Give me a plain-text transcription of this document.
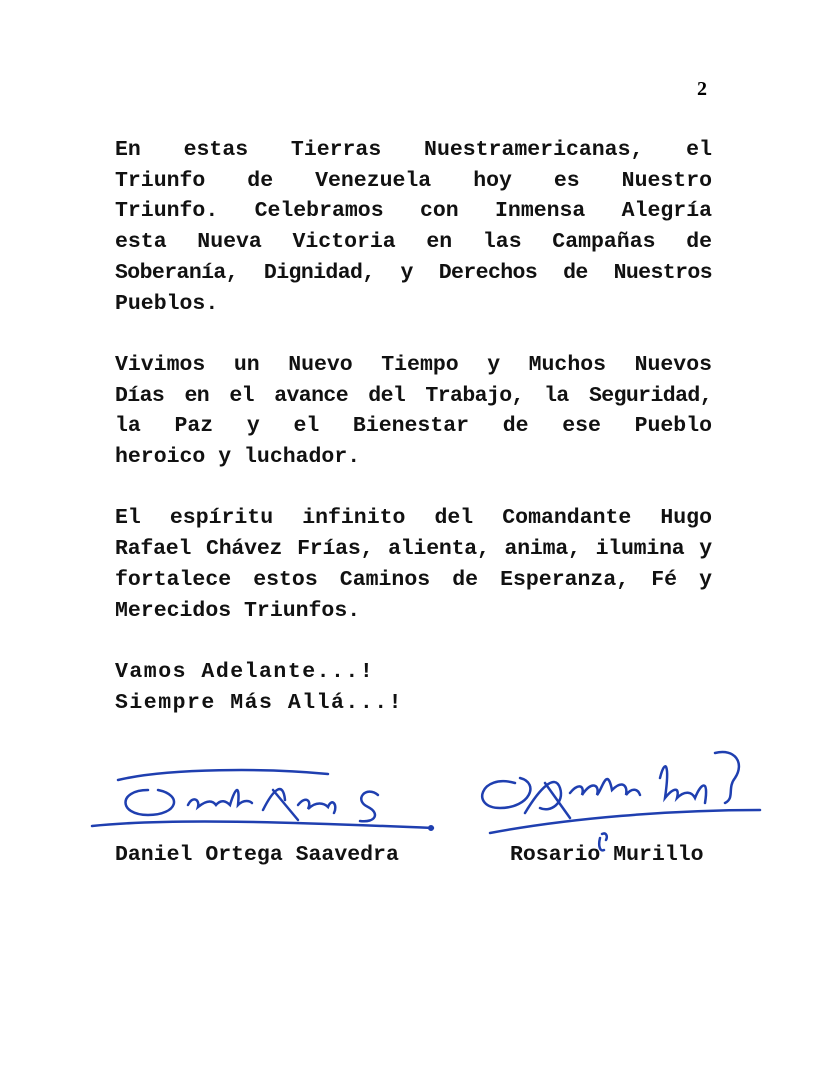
2
En estas Tierras Nuestramericanas, el
Triunfo de Venezuela hoy es Nuestro
Triunfo. Celebramos con Inmensa Alegría
esta Nueva Victoria en las Campañas de
Soberanía, Dignidad, y Derechos de Nuestros
Pueblos.
Vivimos un Nuevo Tiempo y Muchos Nuevos
Días en el avance del Trabajo, la Seguridad,
la Paz y el Bienestar de ese Pueblo
heroico y luchador.
El espíritu infinito del Comandante Hugo
Rafael Chávez Frías, alienta, anima, ilumina y
fortalece estos Caminos de Esperanza, Fé y
Merecidos Triunfos.
Vamos Adelante...!
Siempre Más Allá...!
Daniel Ortega Saavedra	Rosario Murillo
